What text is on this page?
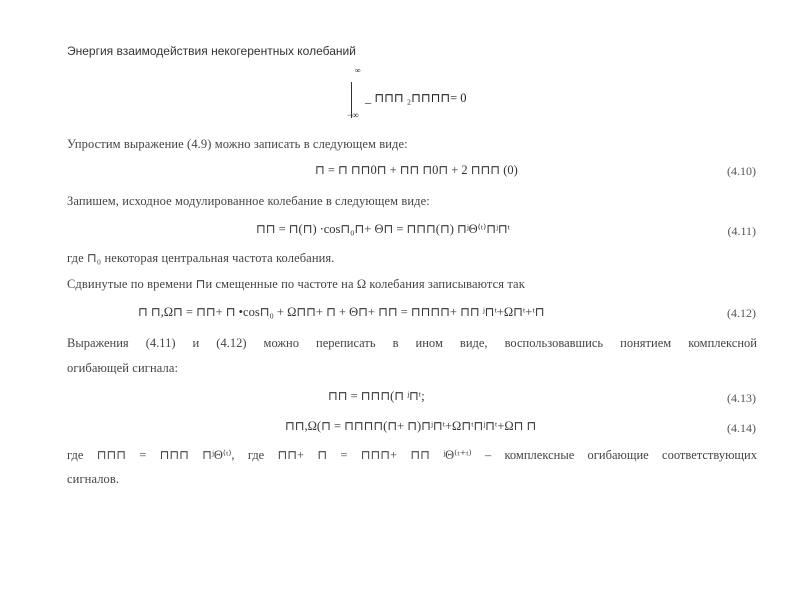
Энергия взаимодействия некогерентных колебаний
∞
_ ⊓⊓⊓ ₂⊓⊓⊓⊓= 0
−∞
Упростим выражение (4.9) можно записать в следующем виде:
⊓ = ⊓ ⊓⊓0⊓ + ⊓⊓ ⊓0⊓ + 2 ⊓⊓⊓ (0)	(4.10)
Запишем, исходное модулированное колебание в следующем виде:
⊓⊓ = ⊓(⊓) ⋅cos⊓₀⊓+ Θ⊓ = ⊓⊓⊓(⊓) ⊓ʲΘ⁽ᵗ⁾⊓ʲ⊓ᵗ	(4.11)
где ⊓₀ некоторая центральная частота колебания.
Сдвинутые по времени ⊓и смещенные по частоте на Ω колебания записываются так
⊓ ⊓,Ω⊓ = ⊓⊓+ ⊓ •cos⊓₀ + Ω⊓⊓+ ⊓ + Θ⊓+ ⊓⊓ = ⊓⊓⊓⊓+ ⊓⊓ ʲ⊓ᵗ+Ω⊓ᵗ+ᵗ⊓	(4.12)
Выражения (4.11) и (4.12) можно переписать в ином виде, воспользовавшись понятием комплексной
огибающей сигнала:
⊓⊓ = ⊓⊓⊓(⊓ ʲ⊓ᵗ;	(4.13)
⊓⊓,Ω(⊓ = ⊓⊓⊓⊓(⊓+ ⊓)⊓ʲ⊓ᵗ+Ω⊓ᵗ⊓ʲ⊓ᵗ+Ω⊓ ⊓	(4.14)
где ⊓⊓⊓ = ⊓⊓⊓ ⊓ʲΘ⁽ᵗ⁾, где ⊓⊓+ ⊓ = ⊓⊓⊓+ ⊓⊓ ʲΘ⁽ᵗ⁺ᵗ⁾ – комплексные огибающие соответствующих
сигналов.
